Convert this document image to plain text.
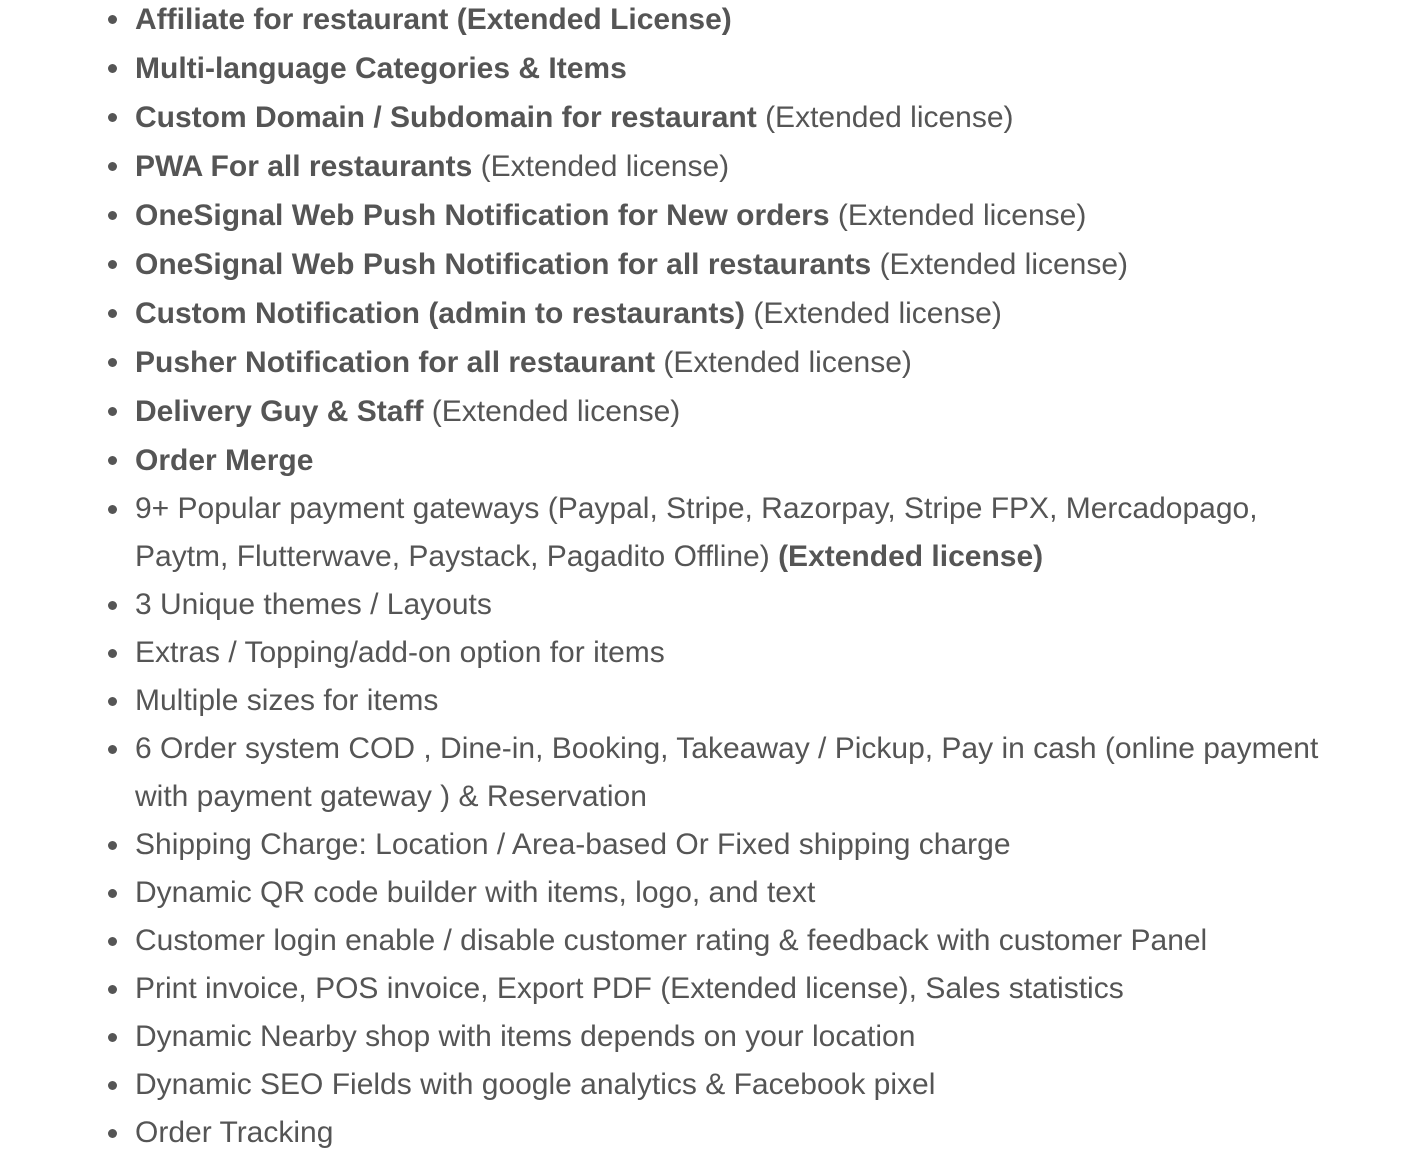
Affiliate for restaurant (Extended License)
Multi-language Categories & Items
Custom Domain / Subdomain for restaurant (Extended license)
PWA For all restaurants (Extended license)
OneSignal Web Push Notification for New orders (Extended license)
OneSignal Web Push Notification for all restaurants (Extended license)
Custom Notification (admin to restaurants) (Extended license)
Pusher Notification for all restaurant (Extended license)
Delivery Guy & Staff (Extended license)
Order Merge
9+ Popular payment gateways (Paypal, Stripe, Razorpay, Stripe FPX, Mercadopago, Paytm, Flutterwave, Paystack, Pagadito Offline) (Extended license)
3 Unique themes / Layouts
Extras / Topping/add-on option for items
Multiple sizes for items
6 Order system COD , Dine-in, Booking, Takeaway / Pickup, Pay in cash (online payment with payment gateway ) & Reservation
Shipping Charge: Location / Area-based Or Fixed shipping charge
Dynamic QR code builder with items, logo, and text
Customer login enable / disable customer rating & feedback with customer Panel
Print invoice, POS invoice, Export PDF (Extended license), Sales statistics
Dynamic Nearby shop with items depends on your location
Dynamic SEO Fields with google analytics & Facebook pixel
Order Tracking
